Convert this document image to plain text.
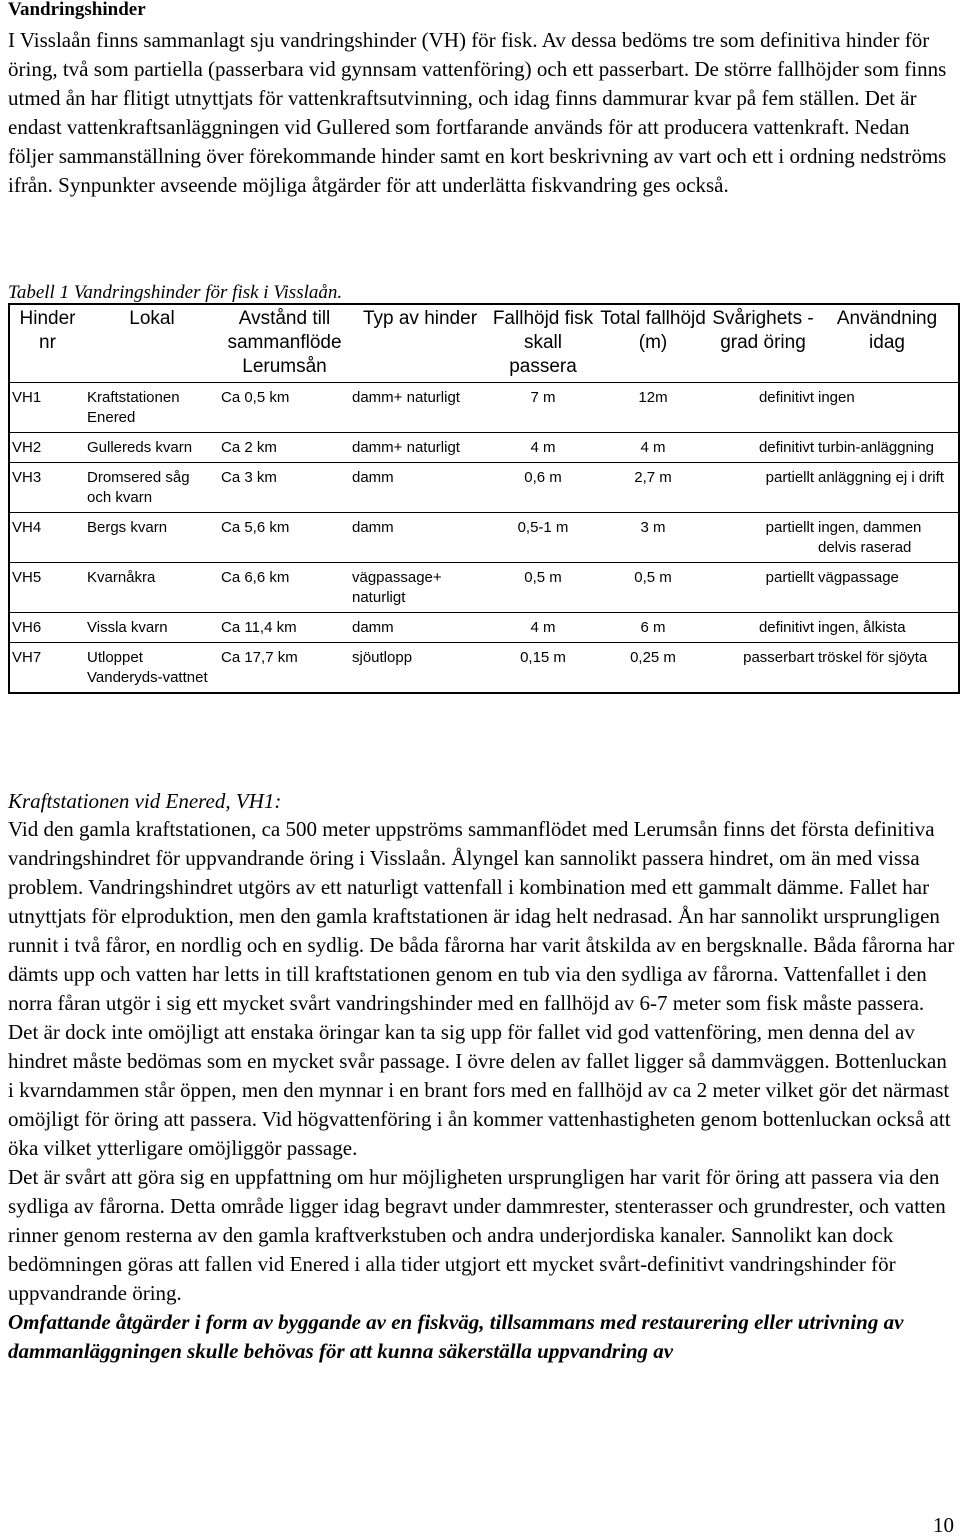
Vandringshinder

I Visslaån finns sammanlagt sju vandringshinder (VH) för fisk. Av dessa bedöms tre som definitiva hinder för öring, två som partiella (passerbara vid gynnsam vattenföring) och ett passerbart. De större fallhöjder som finns utmed ån har flitigt utnyttjats för vattenkraftsutvinning, och idag finns dammurar kvar på fem ställen. Det är endast vattenkraftsanläggningen vid Gullered som fortfarande används för att producera vattenkraft. Nedan följer sammanställning över förekommande hinder samt en kort beskrivning av vart och ett i ordning nedströms ifrån. Synpunkter avseende möjliga åtgärder för att underlätta fiskvandring ges också.

Tabell 1 Vandringshinder för fisk i Visslaån.

Hinder nr	Lokal	Avstånd till sammanflöde Lerumsån	Typ av hinder	Fallhöjd fisk skall passera	Total fallhöjd (m)	Svårighets -grad öring	Användning idag
VH1	Kraftstationen Enered	Ca 0,5 km	damm+ naturligt	7 m	12m	definitivt	ingen
VH2	Gullereds kvarn	Ca 2 km	damm+ naturligt	4 m	4 m	definitivt	turbin-anläggning
VH3	Dromsered såg och kvarn	Ca 3 km	damm	0,6 m	2,7 m	partiellt	anläggning ej i drift
VH4	Bergs kvarn	Ca 5,6 km	damm	0,5-1 m	3 m	partiellt	ingen, dammen delvis raserad
VH5	Kvarnåkra	Ca 6,6 km	vägpassage+ naturligt	0,5 m	0,5 m	partiellt	vägpassage
VH6	Vissla kvarn	Ca 11,4 km	damm	4 m	6 m	definitivt	ingen, ålkista
VH7	Utloppet Vanderyds-vattnet	Ca 17,7 km	sjöutlopp	0,15 m	0,25 m	passerbart	tröskel för sjöyta

Kraftstationen vid Enered, VH1:

Vid den gamla kraftstationen, ca 500 meter uppströms sammanflödet med Lerumsån finns det första definitiva vandringshindret för uppvandrande öring i Visslaån. Ålyngel kan sannolikt passera hindret, om än med vissa problem. Vandringshindret utgörs av ett naturligt vattenfall i kombination med ett gammalt dämme. Fallet har utnyttjats för elproduktion, men den gamla kraftstationen är idag helt nedrasad. Ån har sannolikt ursprungligen runnit i två fåror, en nordlig och en sydlig. De båda fårorna har varit åtskilda av en bergsknalle. Båda fårorna har dämts upp och vatten har letts in till kraftstationen genom en tub via den sydliga av fårorna. Vattenfallet i den norra fåran utgör i sig ett mycket svårt vandringshinder med en fallhöjd av 6-7 meter som fisk måste passera. Det är dock inte omöjligt att enstaka öringar kan ta sig upp för fallet vid god vattenföring, men denna del av hindret måste bedömas som en mycket svår passage. I övre delen av fallet ligger så dammväggen. Bottenluckan i kvarndammen står öppen, men den mynnar i en brant fors med en fallhöjd av ca 2 meter vilket gör det närmast omöjligt för öring att passera. Vid högvattenföring i ån kommer vattenhastigheten genom bottenluckan också att öka vilket ytterligare omöjliggör passage.

Det är svårt att göra sig en uppfattning om hur möjligheten ursprungligen har varit för öring att passera via den sydliga av fårorna. Detta område ligger idag begravt under dammrester, stenterasser och grundrester, och vatten rinner genom resterna av den gamla kraftverkstuben och andra underjordiska kanaler. Sannolikt kan dock bedömningen göras att fallen vid Enered i alla tider utgjort ett mycket svårt-definitivt vandringshinder för uppvandrande öring.

Omfattande åtgärder i form av byggande av en fiskväg, tillsammans med restaurering eller utrivning av dammanläggningen skulle behövas för att kunna säkerställa uppvandring av

10
